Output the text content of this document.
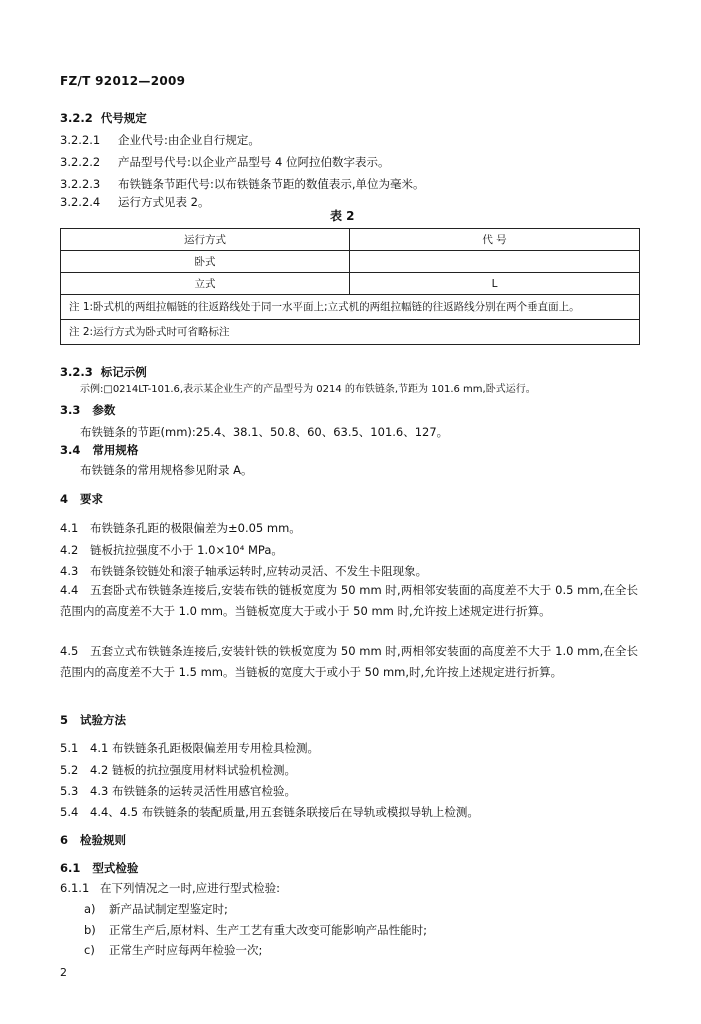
FZ/T 92012—2009
3.2.2 代号规定
3.2.2.1 企业代号:由企业自行规定。
3.2.2.2 产品型号代号:以企业产品型号 4 位阿拉伯数字表示。
3.2.2.3 布铁链条节距代号:以布铁链条节距的数值表示,单位为毫米。
3.2.2.4 运行方式见表 2。
表 2
运行方式	代 号
卧式	
立式	L
注 1:卧式机的两组拉幅链的往返路线处于同一水平面上;立式机的两组拉幅链的往返路线分别在两个垂直面上。	
注 2:运行方式为卧式时可省略标注	
3.2.3 标记示例
示例:□0214LT-101.6,表示某企业生产的产品型号为 0214 的布铁链条,节距为 101.6 mm,卧式运行。
3.3 参数
布铁链条的节距(mm):25.4、38.1、50.8、60、63.5、101.6、127。
3.4 常用规格
布铁链条的常用规格参见附录 A。
4 要求
4.1 布铁链条孔距的极限偏差为±0.05 mm。
4.2 链板抗拉强度不小于 1.0×10⁴ MPa。
4.3 布铁链条铰链处和滚子轴承运转时,应转动灵活、不发生卡阻现象。
4.4 五套卧式布铁链条连接后,安装布铁的链板宽度为 50 mm 时,两相邻安装面的高度差不大于 0.5 mm,在全长范围内的高度差不大于 1.0 mm。当链板宽度大于或小于 50 mm 时,允许按上述规定进行折算。
4.5 五套立式布铁链条连接后,安装针铁的铁板宽度为 50 mm 时,两相邻安装面的高度差不大于 1.0 mm,在全长范围内的高度差不大于 1.5 mm。当链板的宽度大于或小于 50 mm,时,允许按上述规定进行折算。
5 试验方法
5.1 4.1 布铁链条孔距极限偏差用专用检具检测。
5.2 4.2 链板的抗拉强度用材料试验机检测。
5.3 4.3 布铁链条的运转灵活性用感官检验。
5.4 4.4、4.5 布铁链条的装配质量,用五套链条联接后在导轨或模拟导轨上检测。
6 检验规则
6.1 型式检验
6.1.1 在下列情况之一时,应进行型式检验:
a) 新产品试制定型鉴定时;
b) 正常生产后,原材料、生产工艺有重大改变可能影响产品性能时;
c) 正常生产时应每两年检验一次;
2
